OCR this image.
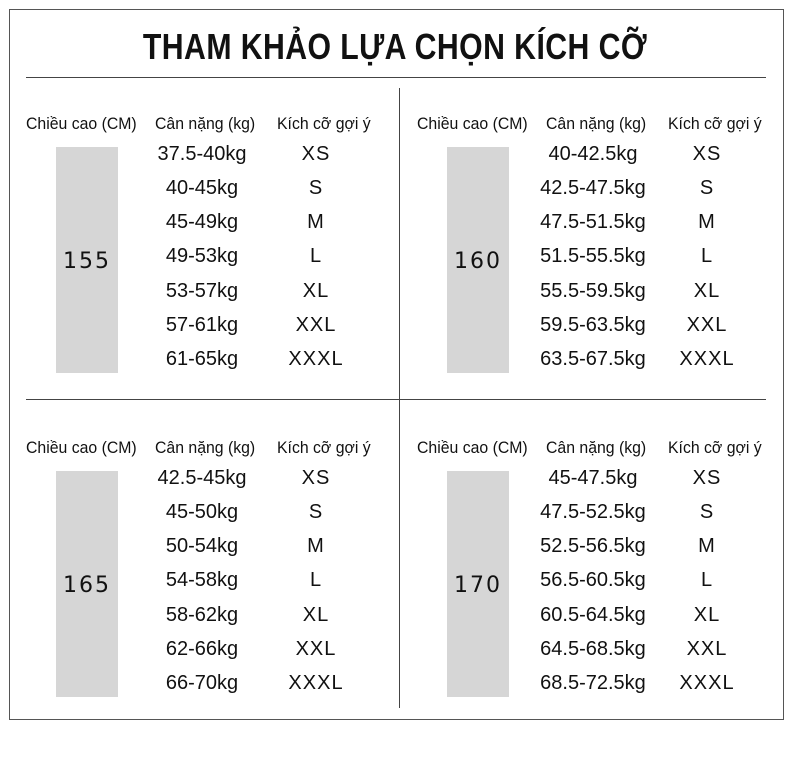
THAM KHẢO LỰA CHỌN KÍCH CỠ
Chiều cao (CM) Cân nặng (kg) Kích cỡ gợi ý
155
37.5-40kg	XS
40-45kg	S
45-49kg	M
49-53kg	L
53-57kg	XL
57-61kg	XXL
61-65kg	XXXL
Chiều cao (CM) Cân nặng (kg) Kích cỡ gợi ý
160
40-42.5kg	XS
42.5-47.5kg	S
47.5-51.5kg	M
51.5-55.5kg	L
55.5-59.5kg	XL
59.5-63.5kg	XXL
63.5-67.5kg	XXXL
Chiều cao (CM) Cân nặng (kg) Kích cỡ gợi ý
165
42.5-45kg	XS
45-50kg	S
50-54kg	M
54-58kg	L
58-62kg	XL
62-66kg	XXL
66-70kg	XXXL
Chiều cao (CM) Cân nặng (kg) Kích cỡ gợi ý
170
45-47.5kg	XS
47.5-52.5kg	S
52.5-56.5kg	M
56.5-60.5kg	L
60.5-64.5kg	XL
64.5-68.5kg	XXL
68.5-72.5kg	XXXL
